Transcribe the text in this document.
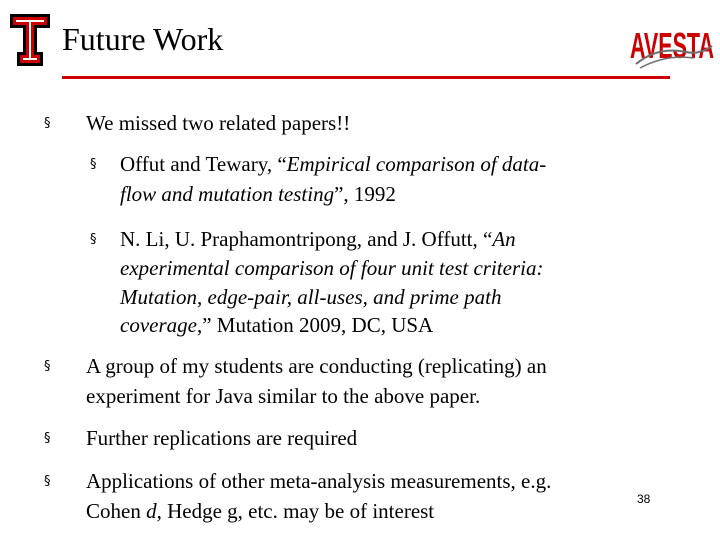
Future Work	AVESTA
§ We missed two related papers!!
§ Offut and Tewary, “Empirical comparison of data-
flow and mutation testing”, 1992
§ N. Li, U. Praphamontripong, and J. Offutt, “An
experimental comparison of four unit test criteria:
Mutation, edge-pair, all-uses, and prime path
coverage,” Mutation 2009, DC, USA
§ A group of my students are conducting (replicating) an
experiment for Java similar to the above paper.
§ Further replications are required
§ Applications of other meta-analysis measurements, e.g.
Cohen d, Hedge g, etc. may be of interest	38
